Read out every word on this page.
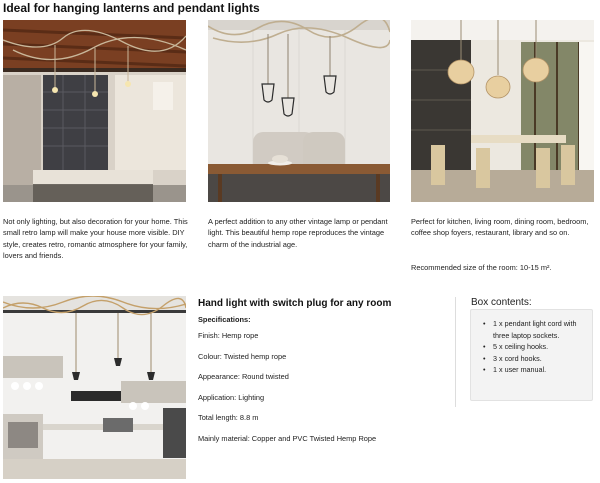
Ideal for hanging lanterns and pendant lights

Not only lighting, but also decoration for your home. This small retro lamp will make your house more visible. DIY style, creates retro, romantic atmosphere for your family, lovers and friends.

A perfect addition to any other vintage lamp or pendant light. This beautiful hemp rope reproduces the vintage charm of the industrial age.

Perfect for kitchen, living room, dining room, bedroom, coffee shop foyers, restaurant, library and so on.

Recommended size of the room: 10-15 m².

Hand light with switch plug for any room
Specifications:
Finish: Hemp rope
Colour: Twisted hemp rope
Appearance: Round twisted
Application: Lighting
Total length: 8.8 m
Mainly material: Copper and PVC Twisted Hemp Rope
Box contents:
• 1 x pendant light cord with three laptop sockets.
• 5 x ceiling hooks.
• 3 x cord hooks.
• 1 x user manual.
